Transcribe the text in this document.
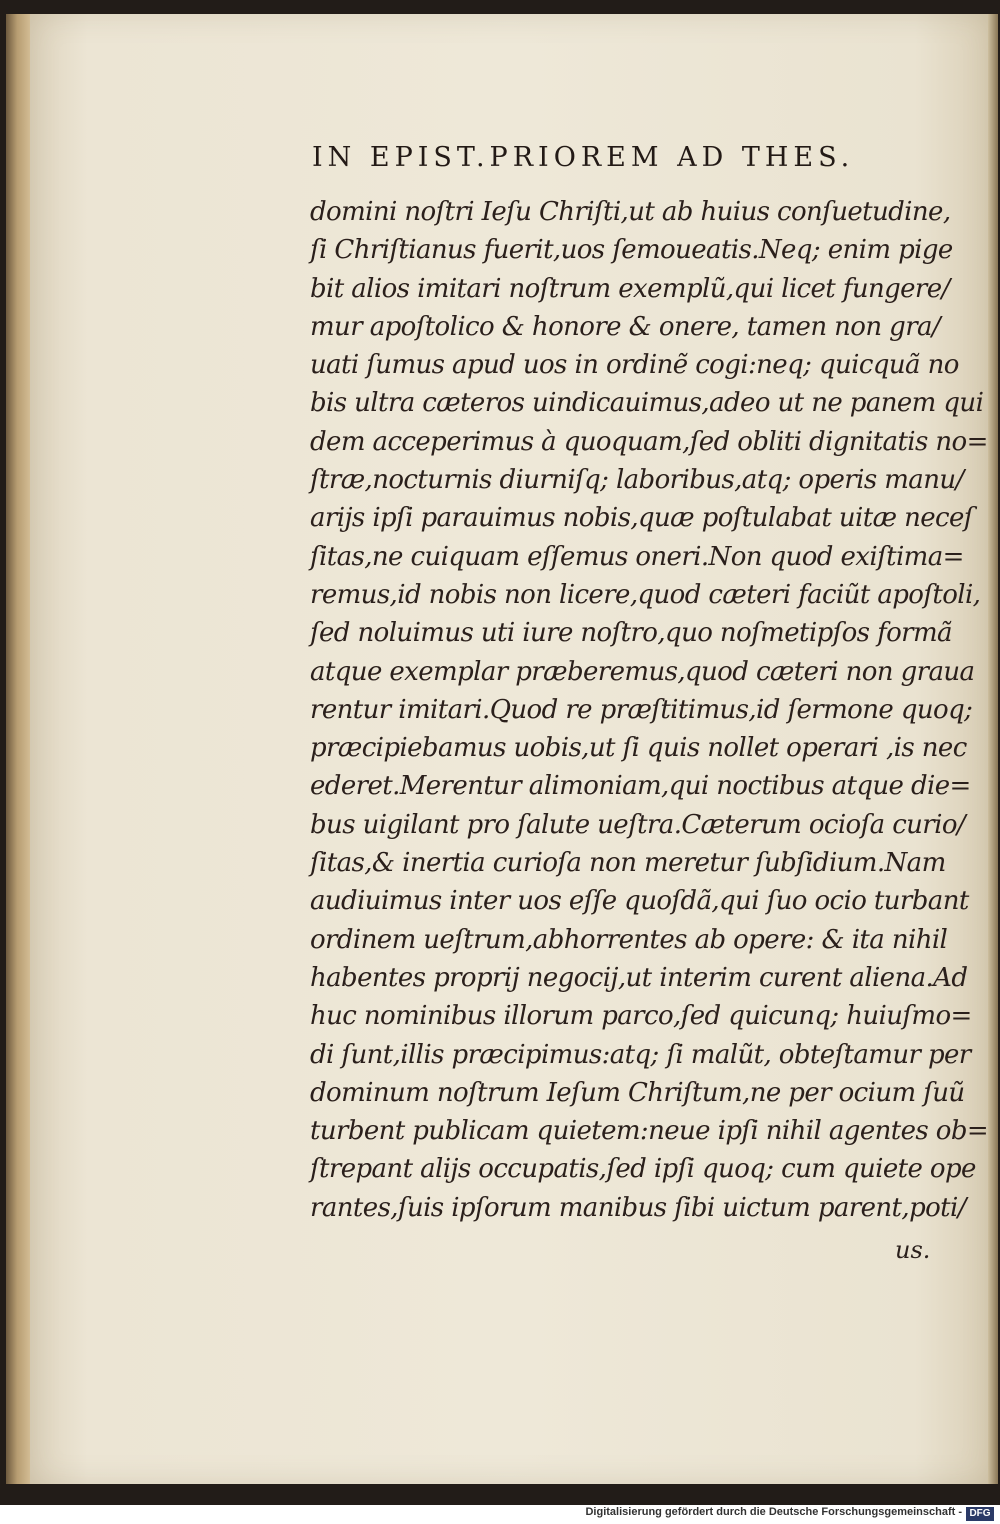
IN EPIST.PRIOREM AD THES.
domini noſtri Ieſu Chriſti,ut ab huius conſuetudine,
ſi Chriſtianus fuerit,uos ſemoueatis.Neq; enim pige
bit alios imitari noſtrum exemplũ,qui licet fungere/
mur apoſtolico & honore & onere, tamen non gra/
uati ſumus apud uos in ordinẽ cogi:neq; quicquã no
bis ultra cæteros uindicauimus,adeo ut ne panem qui
dem acceperimus à quoquam,ſed obliti dignitatis no=
ſtræ,nocturnis diurniſq; laboribus,atq; operis manu/
arijs ipſi parauimus nobis,quæ poſtulabat uitæ neceſ
ſitas,ne cuiquam eſſemus oneri.Non quod exiſtima=
remus,id nobis non licere,quod cæteri faciũt apoſtoli,
ſed noluimus uti iure noſtro,quo noſmetipſos formã
atque exemplar præberemus,quod cæteri non graua
rentur imitari.Quod re præſtitimus,id ſermone quoq;
præcipiebamus uobis,ut ſi quis nollet operari ,is nec
ederet.Merentur alimoniam,qui noctibus atque die=
bus uigilant pro ſalute ueſtra.Cæterum ocioſa curio/
ſitas,& inertia curioſa non meretur ſubſidium.Nam
audiuimus inter uos eſſe quoſdã,qui ſuo ocio turbant
ordinem ueſtrum,abhorrentes ab opere: & ita nihil
habentes proprij negocij,ut interim curent aliena.Ad
huc nominibus illorum parco,ſed quicunq; huiuſmo=
di ſunt,illis præcipimus:atq; ſi malũt, obteſtamur per
dominum noſtrum Ieſum Chriſtum,ne per ocium ſuũ
turbent publicam quietem:neue ipſi nihil agentes ob=
ſtrepant alijs occupatis,ſed ipſi quoq; cum quiete ope
rantes,ſuis ipſorum manibus ſibi uictum parent,poti/
us.
Digitalisierung gefördert durch die Deutsche Forschungsgemeinschaft - DFG
